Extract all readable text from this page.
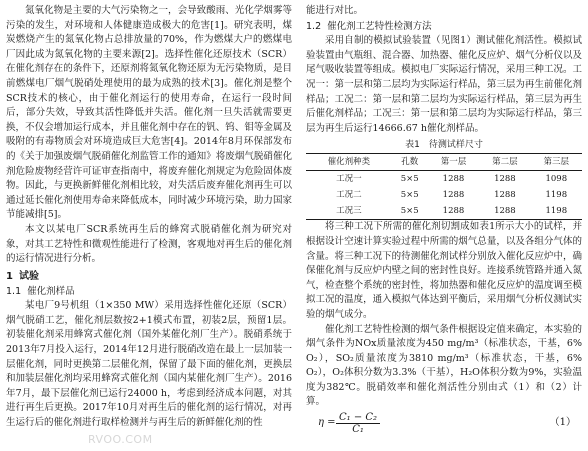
氮氧化物是主要的大气污染物之一，会导致酸雨、光化学烟雾等污染的发生，对环境和人体健康造成极大的危害[1]。研究表明，煤炭燃烧产生的氮氧化物占总排放量的70%，作为燃煤大户的燃煤电厂因此成为氮氧化物的主要来源[2]。选择性催化还原技术（SCR）在催化剂存在的条件下，还原剂将氮氧化物还原为无污染物质，是目前燃煤电厂烟气脱硝处理使用的最为成熟的技术[3]。催化剂是整个SCR技术的核心，由于催化剂运行的使用寿命，在运行一段时间后，部分失效，导致其活性降低并失活。催化剂一旦失活就需要更换，不仅会增加运行成本，并且催化剂中存在的钒、钨、钼等金属及吸附的有毒物质会对环境造成巨大危害[4]。2014年8月环保部发布的《关于加强废烟气脱硝催化剂监管工作的通知》将废烟气脱硝催化剂危险废物经营许可证审查指南中，将废弃催化剂规定为危险固体废物。因此，与更换新鲜催化剂相比较，对失活后废弃催化剂再生可以通过延长催化剂使用寿命来降低成本，同时减少环境污染，助力国家节能减排[5]。

本文以某电厂SCR系统再生后的蜂窝式脱硝催化剂为研究对象，对其工艺特性和微观性能进行了检测，客观地对再生后的催化剂的运行情况进行分析。

1 试验
1.1 催化剂样品

某电厂9号机组（1×350 MW）采用选择性催化还原（SCR）烟气脱硝工艺，催化剂层数按2+1模式布置，初装2层，预留1层。初装催化剂采用蜂窝式催化剂（国外某催化剂厂生产）。脱硝系统于2013年7月投入运行，2014年12月进行脱硝改造在最上一层加装一层催化剂，同时更换第二层催化剂，保留了最下面的催化剂，更换层和加装层催化剂均采用蜂窝式催化剂（国内某催化剂厂生产）。2016年7月，最下层催化剂已运行24000 h，考虑到经济成本问题，对其进行再生后更换。2017年10月对再生后的催化剂的运行情况，对再生运行后的催化剂进行取样检测并与再生后的新鲜催化剂的性

能进行对比。

1.2 催化剂工艺特性检测方法

采用自制的模拟试验装置（见图1）测试催化剂活性。模拟试验装置由气瓶组、混合器、加热器、催化反应炉、烟气分析仪以及尾气吸收装置等组成。模拟电厂实际运行情况，采用三种工况。工况一：第一层和第二层均为实际运行样品，第三层为再生前催化剂样品；工况二：第一层和第二层均为实际运行样品，第三层为再生后催化剂样品；工况三：第一层和第二层均为实际运行样品，第三层为再生后运行14666.67 h催化剂样品。

表1　待测试样尺寸
催化剂种类	孔数	第一层	第二层	第三层
工况一	5×5	1288	1288	1098
工况二	5×5	1288	1288	1198
工况三	5×5	1288	1288	1198

将三种工况下所需的催化剂切割成如表1所示大小的试样，并根据设计空速计算实验过程中所需的烟气总量，以及各组分气体的含量。将三种工况下的待测催化剂试样分别放入催化反应炉中，确保催化剂与反应炉内壁之间的密封性良好。连接系统管路并通入氮气，检查整个系统的密封性，将加热器和催化反应炉的温度调至模拟工况的温度，通入模拟气体达到平衡后，采用烟气分析仪测试实验的烟气成分。

催化剂工艺特性检测的烟气条件根据设定值来确定，本实验的烟气条件为NOx质量浓度为450 mg/m³（标准状态，干基，6% O₂），SO₂质量浓度为3810 mg/m³（标准状态，干基，6% O₂），O₂体积分数为3.3%（干基），H₂O体积分数为9%，实验温度为382℃。脱硝效率和催化剂活性分别由式（1）和（2）计算。

$\eta = \frac{\text{C₁ − C₂}}{\text{C₁}}$	（1）
RVOO.COM
